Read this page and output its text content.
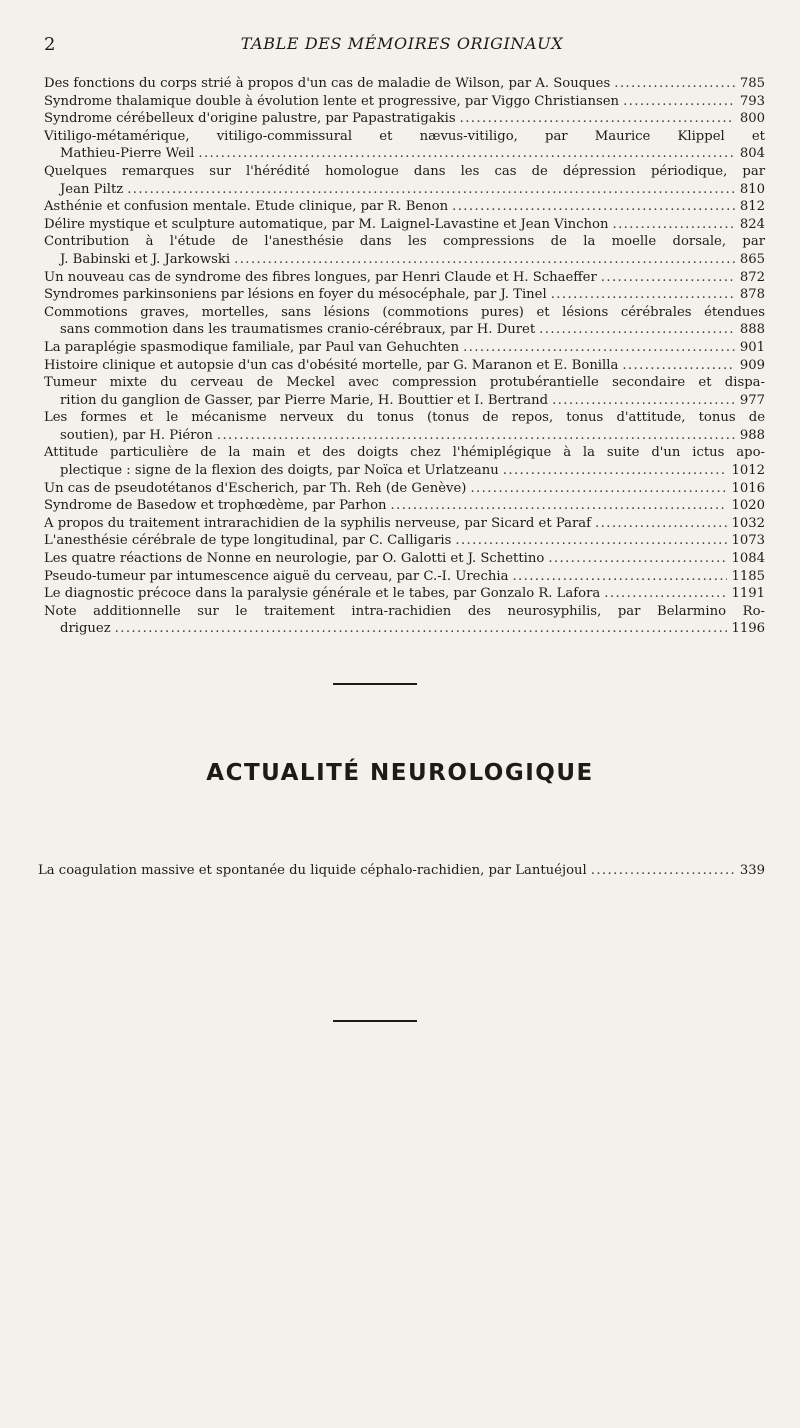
2	TABLE DES MÉMOIRES ORIGINAUX
Des fonctions du corps strié à propos d'un cas de maladie de Wilson, par A. Souques .....	785
Syndrome thalamique double à évolution lente et progressive, par Viggo Christiansen .....	793
Syndrome cérébelleux d'origine palustre, par Papastratigakis .....	800
Vitiligo-métamérique, vitiligo-commissural et nævus-vitiligo, par Maurice Klippel et
Mathieu-Pierre Weil .....	804
Quelques remarques sur l'hérédité homologue dans les cas de dépression périodique, par
Jean Piltz .....	810
Asthénie et confusion mentale. Etude clinique, par R. Benon .....	812
Délire mystique et sculpture automatique, par M. Laignel-Lavastine et Jean Vinchon .....	824
Contribution à l'étude de l'anesthésie dans les compressions de la moelle dorsale, par
J. Babinski et J. Jarkowski .....	865
Un nouveau cas de syndrome des fibres longues, par Henri Claude et H. Schaeffer .....	872
Syndromes parkinsoniens par lésions en foyer du mésocéphale, par J. Tinel .....	878
Commotions graves, mortelles, sans lésions (commotions pures) et lésions cérébrales étendues
sans commotion dans les traumatismes cranio-cérébraux, par H. Duret .....	888
La paraplégie spasmodique familiale, par Paul van Gehuchten .....	901
Histoire clinique et autopsie d'un cas d'obésité mortelle, par G. Maranon et E. Bonilla .....	909
Tumeur mixte du cerveau de Meckel avec compression protubérantielle secondaire et dispa-
rition du ganglion de Gasser, par Pierre Marie, H. Bouttier et I. Bertrand .....	977
Les formes et le mécanisme nerveux du tonus (tonus de repos, tonus d'attitude, tonus de
soutien), par H. Piéron .....	988
Attitude particulière de la main et des doigts chez l'hémiplégique à la suite d'un ictus apo-
plectique : signe de la flexion des doigts, par Noïca et Urlatzeanu .....	1012
Un cas de pseudotétanos d'Escherich, par Th. Reh (de Genève) .....	1016
Syndrome de Basedow et trophœdème, par Parhon .....	1020
A propos du traitement intrarachidien de la syphilis nerveuse, par Sicard et Paraf .....	1032
L'anesthésie cérébrale de type longitudinal, par C. Calligaris .....	1073
Les quatre réactions de Nonne en neurologie, par O. Galotti et J. Schettino .....	1084
Pseudo-tumeur par intumescence aiguë du cerveau, par C.-I. Urechia .....	1185
Le diagnostic précoce dans la paralysie générale et le tabes, par Gonzalo R. Lafora .....	1191
Note additionnelle sur le traitement intra-rachidien des neurosyphilis, par Belarmino Ro-
driguez .....	1196
ACTUALITÉ NEUROLOGIQUE
La coagulation massive et spontanée du liquide céphalo-rachidien, par Lantuéjoul .....	339
